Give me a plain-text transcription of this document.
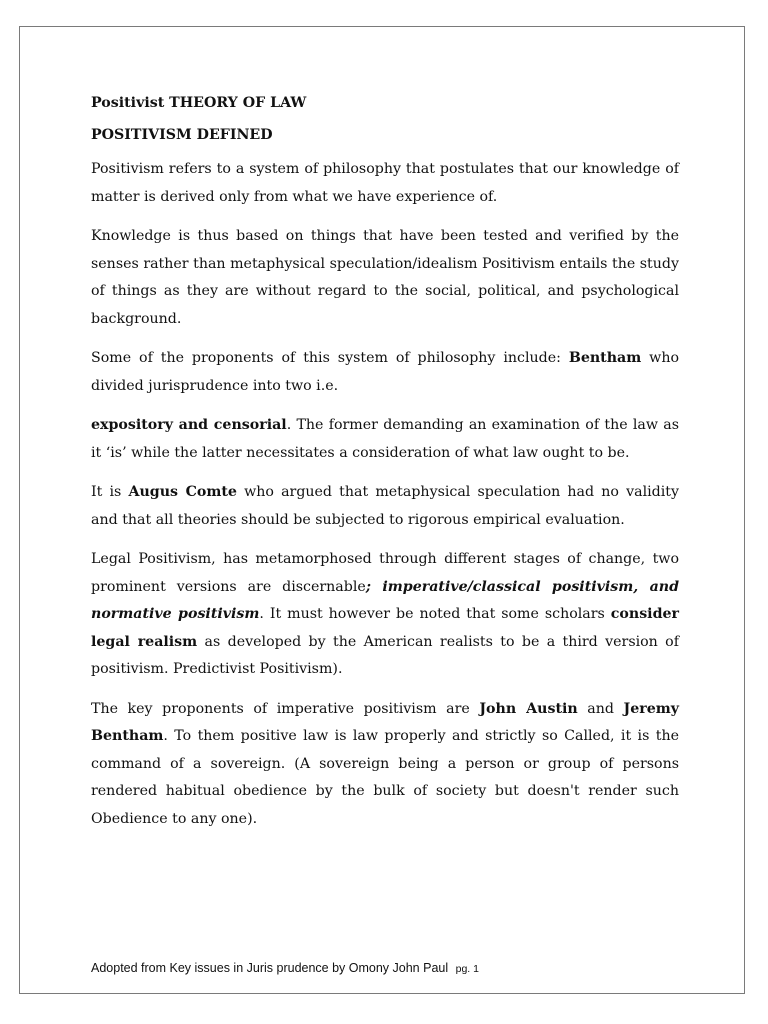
Positivist THEORY OF LAW

POSITIVISM DEFINED

Positivism refers to a system of philosophy that postulates that our knowledge of matter is derived only from what we have experience of.

Knowledge is thus based on things that have been tested and verified by the senses rather than metaphysical speculation/idealism Positivism entails the study of things as they are without regard to the social, political, and psychological background.

Some of the proponents of this system of philosophy include: Bentham who divided jurisprudence into two i.e.

expository and censorial. The former demanding an examination of the law as it ‘is’ while the latter necessitates a consideration of what law ought to be.

It is Augus Comte who argued that metaphysical speculation had no validity and that all theories should be subjected to rigorous empirical evaluation.

Legal Positivism, has metamorphosed through different stages of change, two prominent versions are discernable; imperative/classical positivism, and normative positivism. It must however be noted that some scholars consider legal realism as developed by the American realists to be a third version of positivism. Predictivist Positivism).

The key proponents of imperative positivism are John Austin and Jeremy Bentham. To them positive law is law properly and strictly so Called, it is the command of a sovereign. (A sovereign being a person or group of persons rendered habitual obedience by the bulk of society but doesn't render such Obedience to any one).

Adopted from Key issues in Juris prudence by Omony John Paul pg. 1
